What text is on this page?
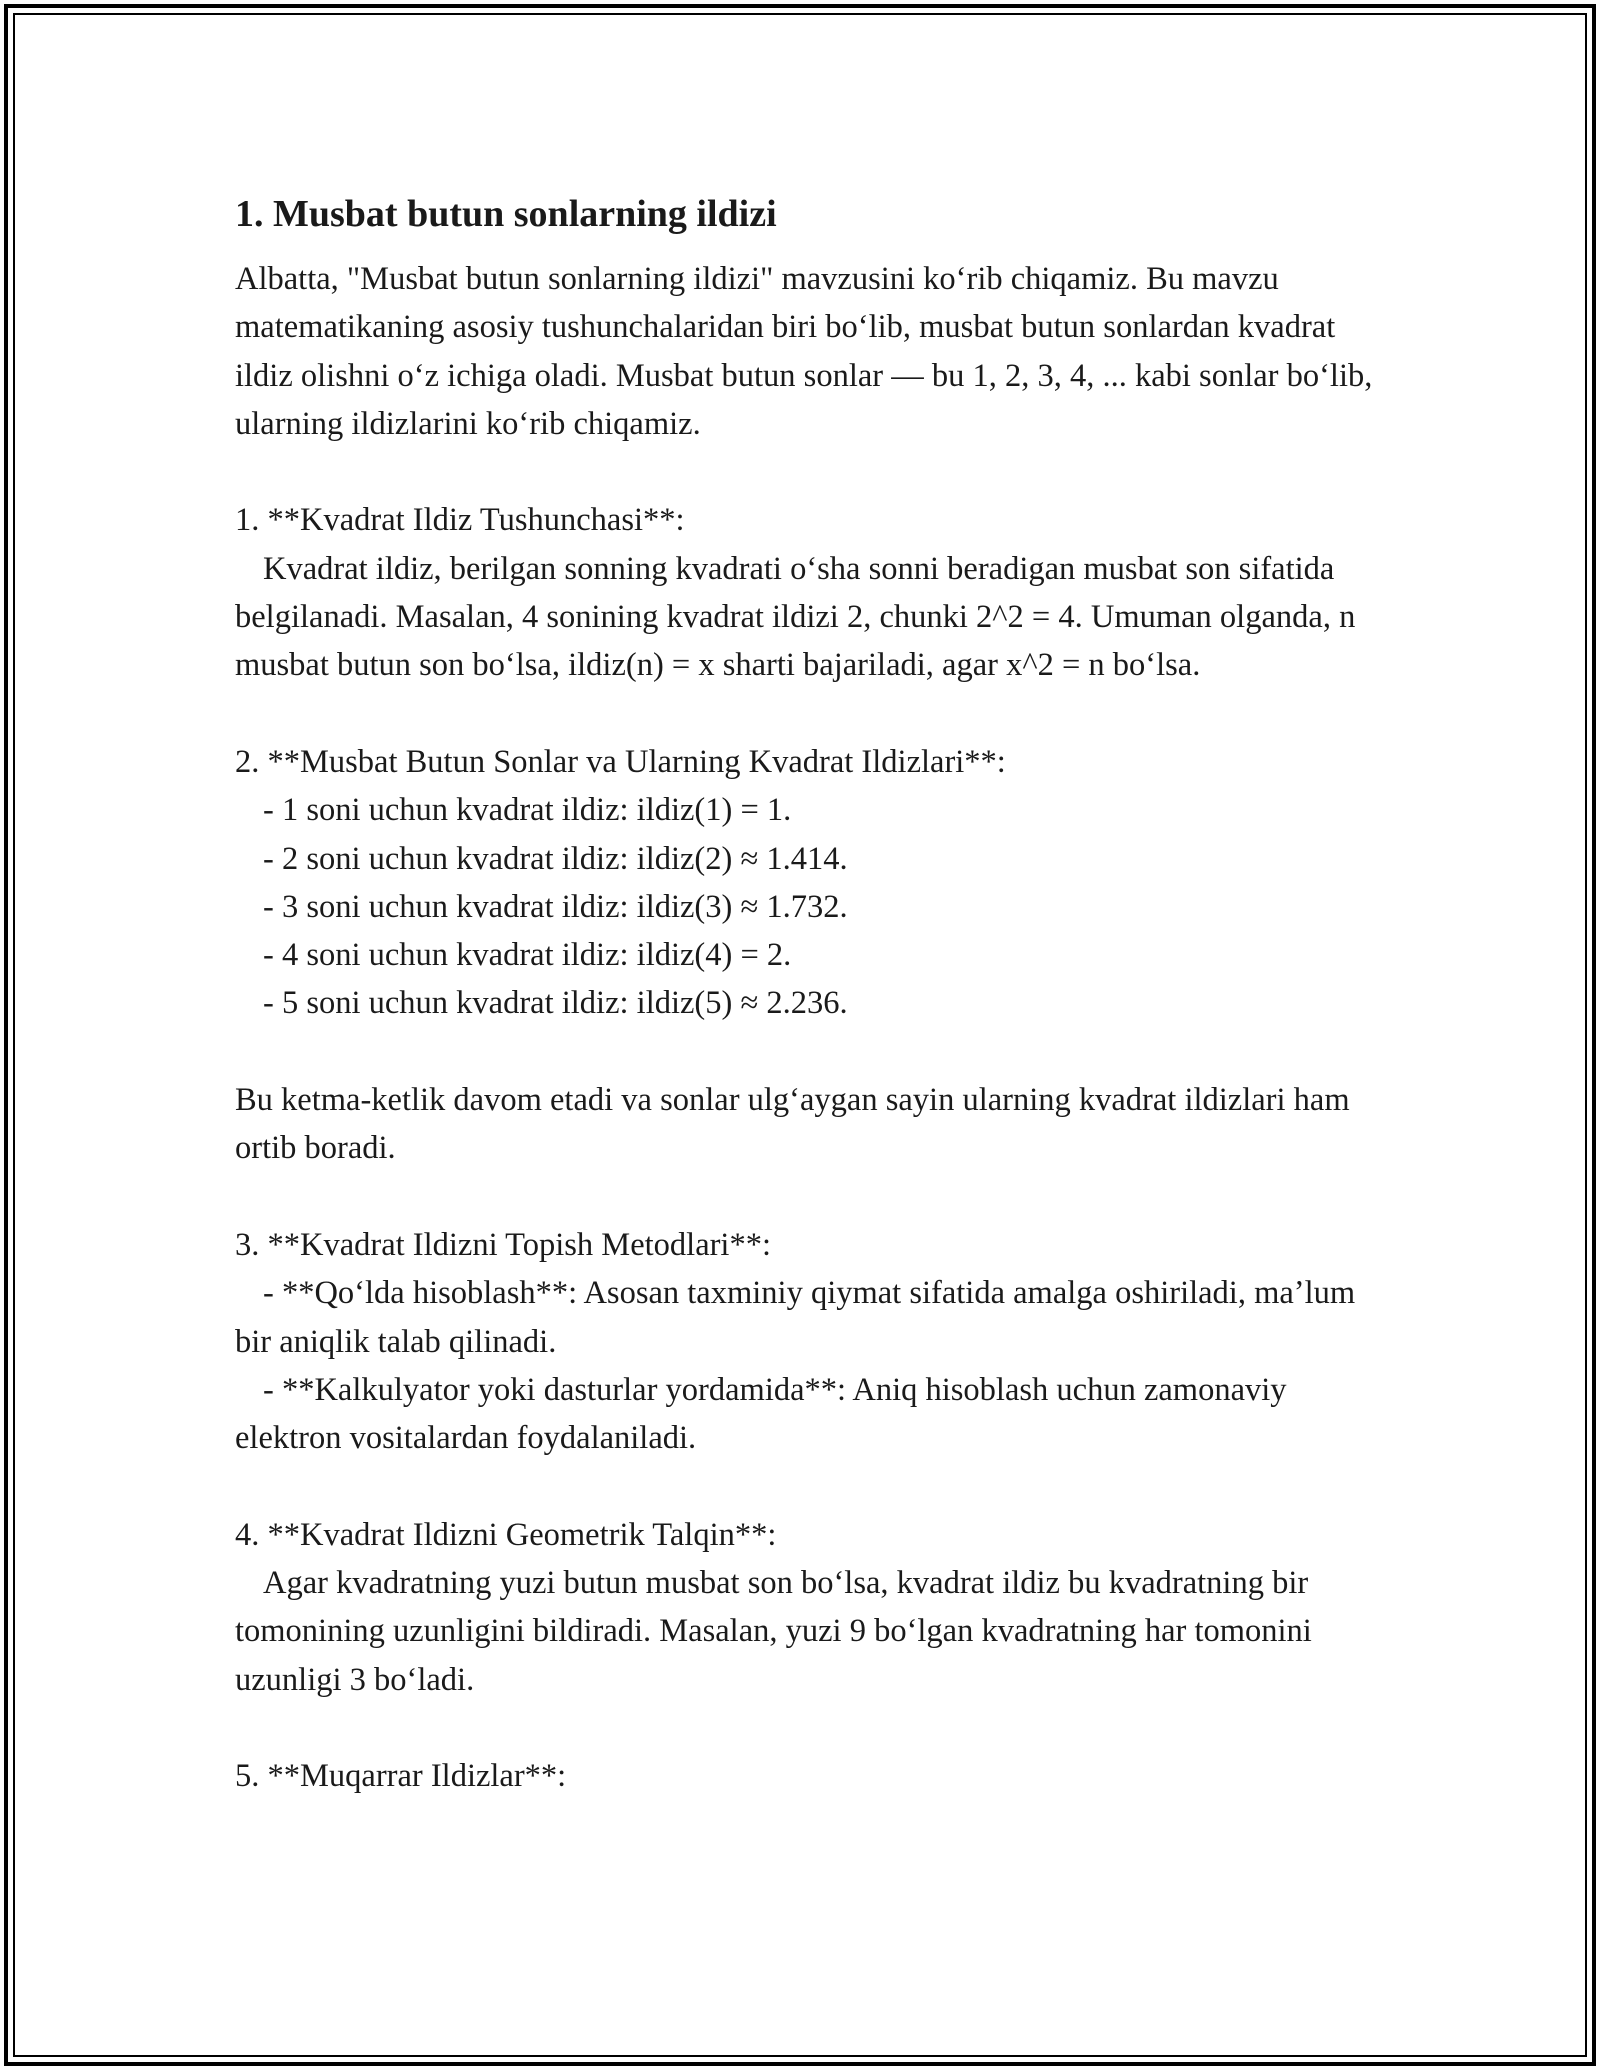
1. Musbat butun sonlarning ildizi

Albatta, "Musbat butun sonlarning ildizi" mavzusini koʻrib chiqamiz. Bu mavzu matematikaning asosiy tushunchalaridan biri boʻlib, musbat butun sonlardan kvadrat ildiz olishni oʻz ichiga oladi. Musbat butun sonlar — bu 1, 2, 3, 4, ... kabi sonlar boʻlib, ularning ildizlarini koʻrib chiqamiz.

1. **Kvadrat Ildiz Tushunchasi**:

Kvadrat ildiz, berilgan sonning kvadrati oʻsha sonni beradigan musbat son sifatida belgilanadi. Masalan, 4 sonining kvadrat ildizi 2, chunki 2^2 = 4. Umuman olganda, n musbat butun son boʻlsa, ildiz(n) = x sharti bajariladi, agar x^2 = n boʻlsa.

2. **Musbat Butun Sonlar va Ularning Kvadrat Ildizlari**:

- 1 soni uchun kvadrat ildiz: ildiz(1) = 1.

- 2 soni uchun kvadrat ildiz: ildiz(2) ≈ 1.414.

- 3 soni uchun kvadrat ildiz: ildiz(3) ≈ 1.732.

- 4 soni uchun kvadrat ildiz: ildiz(4) = 2.

- 5 soni uchun kvadrat ildiz: ildiz(5) ≈ 2.236.

Bu ketma-ketlik davom etadi va sonlar ulgʻaygan sayin ularning kvadrat ildizlari ham ortib boradi.

3. **Kvadrat Ildizni Topish Metodlari**:

- **Qoʻlda hisoblash**: Asosan taxminiy qiymat sifatida amalga oshiriladi, maʼlum bir aniqlik talab qilinadi.

- **Kalkulyator yoki dasturlar yordamida**: Aniq hisoblash uchun zamonaviy elektron vositalardan foydalaniladi.

4. **Kvadrat Ildizni Geometrik Talqin**:

Agar kvadratning yuzi butun musbat son boʻlsa, kvadrat ildiz bu kvadratning bir tomonining uzunligini bildiradi. Masalan, yuzi 9 boʻlgan kvadratning har tomonini uzunligi 3 boʻladi.

5. **Muqarrar Ildizlar**:
